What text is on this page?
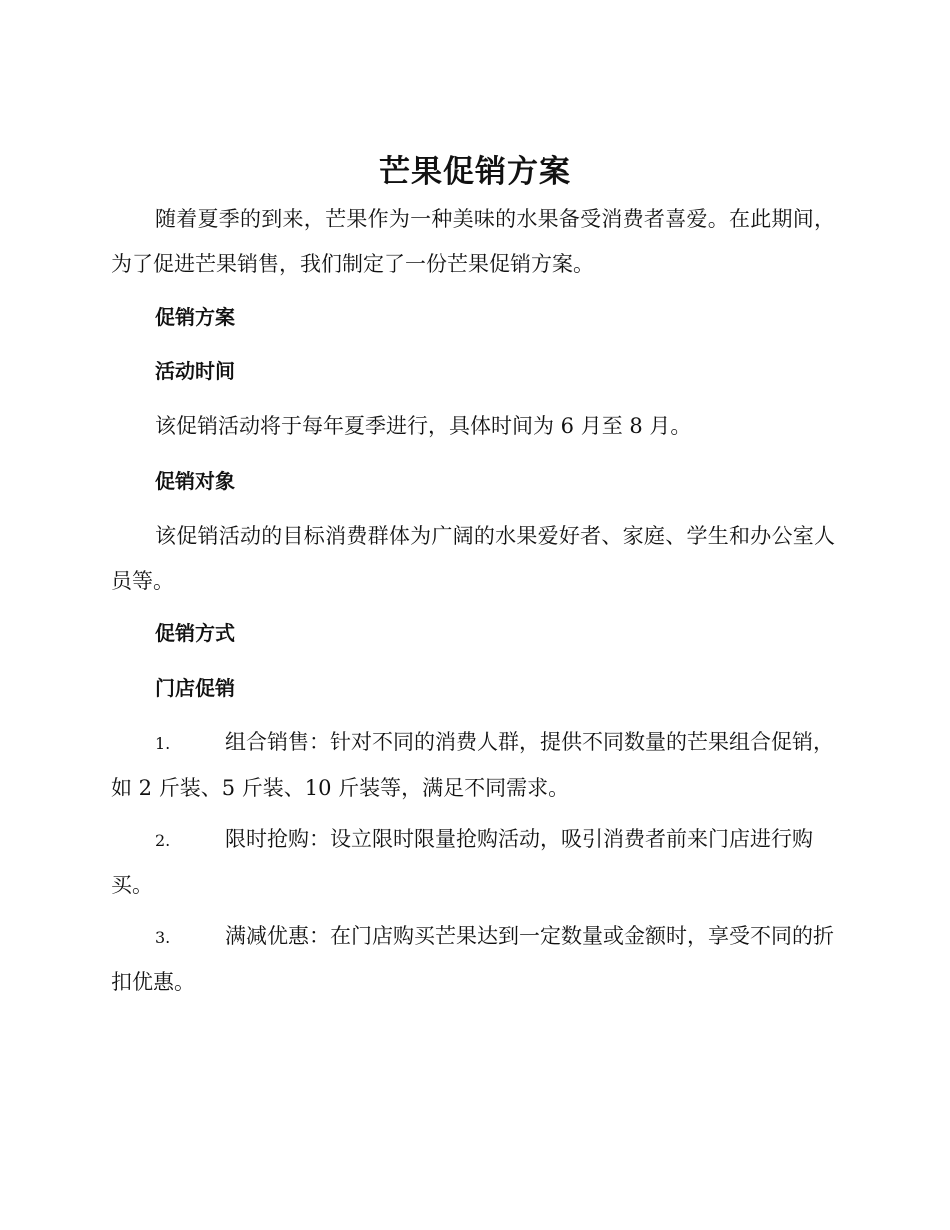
芒果促销方案

随着夏季的到来，芒果作为一种美味的水果备受消费者喜爱。在此期间，为了促进芒果销售，我们制定了一份芒果促销方案。

促销方案
活动时间

该促销活动将于每年夏季进行，具体时间为 6 月至 8 月。

促销对象

该促销活动的目标消费群体为广阔的水果爱好者、家庭、学生和办公室人员等。

促销方式
门店促销

1.	组合销售：针对不同的消费人群，提供不同数量的芒果组合促销，如 2 斤装、5 斤装、10 斤装等，满足不同需求。

2.	限时抢购：设立限时限量抢购活动，吸引消费者前来门店进行购买。

3.	满减优惠：在门店购买芒果达到一定数量或金额时，享受不同的折扣优惠。
